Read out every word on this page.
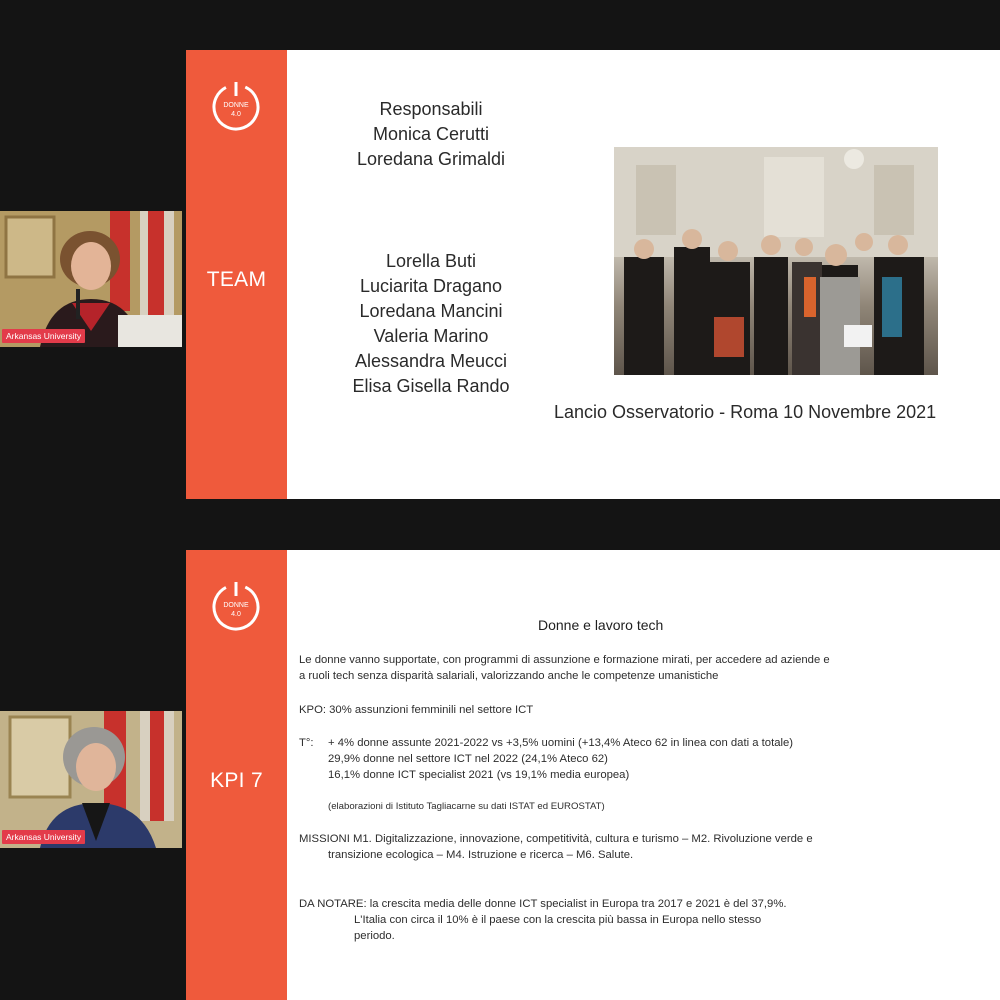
DONNE
4.0
TEAM
Responsabili
Monica Cerutti
Loredana Grimaldi
Lorella Buti
Luciarita Dragano
Loredana Mancini
Valeria Marino
Alessandra Meucci
Elisa Gisella Rando
Lancio Osservatorio - Roma 10 Novembre 2021
DONNE
4.0
KPI 7
Donne e lavoro tech
Le donne vanno supportate, con programmi di assunzione e formazione mirati, per accedere ad aziende e
a ruoli tech senza disparità salariali, valorizzando anche le competenze umanistiche
KPO: 30% assunzioni femminili nel settore ICT
T°: + 4% donne assunte 2021-2022 vs +3,5% uomini (+13,4% Ateco 62 in linea con dati a totale)
29,9% donne nel settore ICT nel 2022 (24,1% Ateco 62)
16,1% donne ICT specialist 2021 (vs 19,1% media europea)
(elaborazioni di Istituto Tagliacarne su dati ISTAT ed EUROSTAT)
MISSIONI M1. Digitalizzazione, innovazione, competitività, cultura e turismo – M2. Rivoluzione verde e
transizione ecologica – M4. Istruzione e ricerca – M6. Salute.
DA NOTARE: la crescita media delle donne ICT specialist in Europa tra 2017 e 2021 è del 37,9%.
L'Italia con circa il 10% è il paese con la crescita più bassa in Europa nello stesso
periodo.
Arkansas University
Arkansas University
